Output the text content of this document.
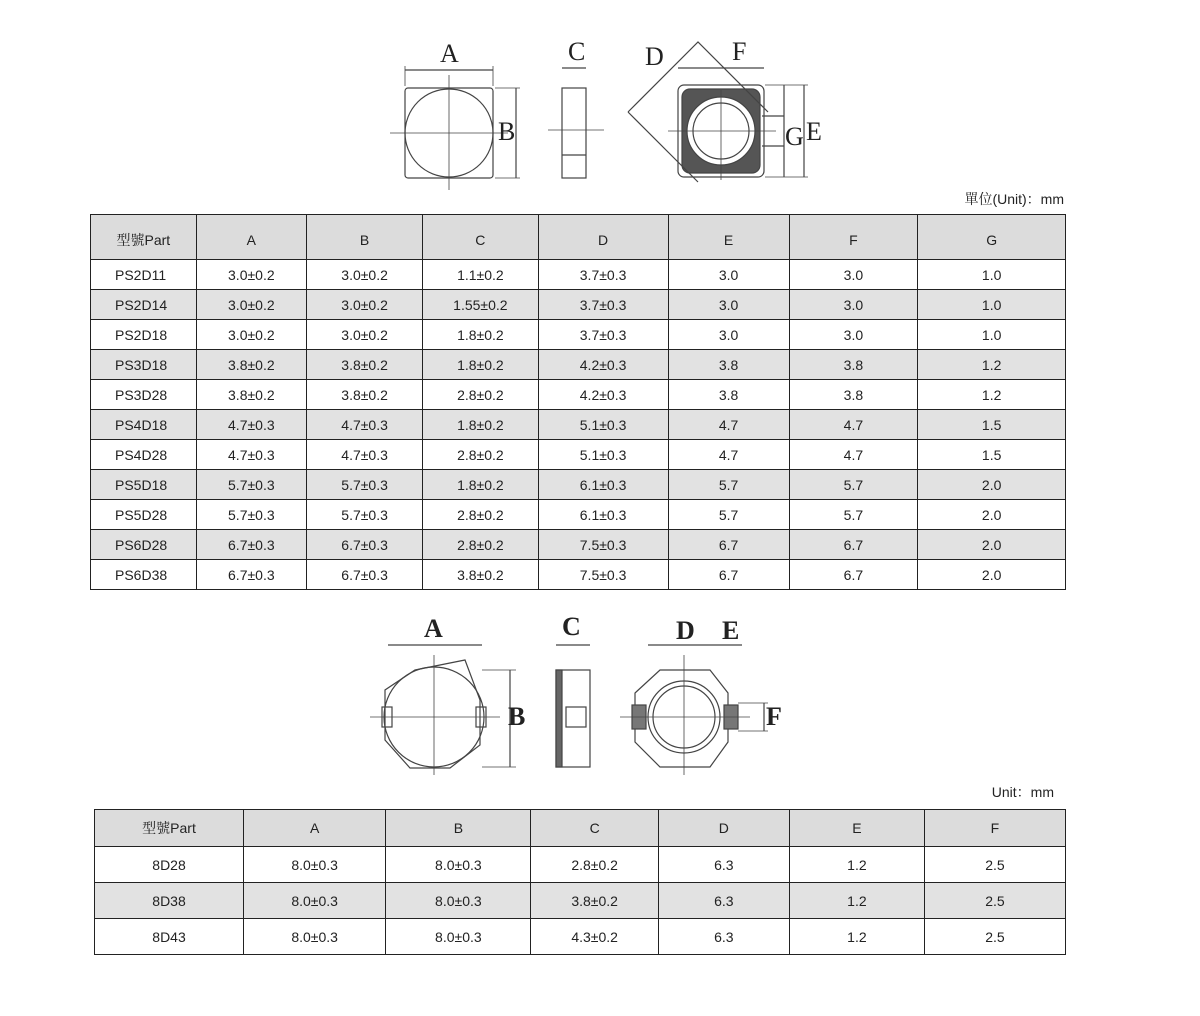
A
B
C D
E
F
G
單位(Unit)：mm
型號Part	A	B	C	D	E	F	G
PS2D11	3.0±0.2	3.0±0.2	1.1±0.2	3.7±0.3	3.0	3.0	1.0
PS2D14	3.0±0.2	3.0±0.2	1.55±0.2	3.7±0.3	3.0	3.0	1.0
PS2D18	3.0±0.2	3.0±0.2	1.8±0.2	3.7±0.3	3.0	3.0	1.0
PS3D18	3.8±0.2	3.8±0.2	1.8±0.2	4.2±0.3	3.8	3.8	1.2
PS3D28	3.8±0.2	3.8±0.2	2.8±0.2	4.2±0.3	3.8	3.8	1.2
PS4D18	4.7±0.3	4.7±0.3	1.8±0.2	5.1±0.3	4.7	4.7	1.5
PS4D28	4.7±0.3	4.7±0.3	2.8±0.2	5.1±0.3	4.7	4.7	1.5
PS5D18	5.7±0.3	5.7±0.3	1.8±0.2	6.1±0.3	5.7	5.7	2.0
PS5D28	5.7±0.3	5.7±0.3	2.8±0.2	6.1±0.3	5.7	5.7	2.0
PS6D28	6.7±0.3	6.7±0.3	2.8±0.2	7.5±0.3	6.7	6.7	2.0
PS6D38	6.7±0.3	6.7±0.3	3.8±0.2	7.5±0.3	6.7	6.7	2.0
A
B
C	D E
F
Unit：mm
型號Part	A	B	C	D	E	F
8D28	8.0±0.3	8.0±0.3	2.8±0.2	6.3	1.2	2.5
8D38	8.0±0.3	8.0±0.3	3.8±0.2	6.3	1.2	2.5
8D43	8.0±0.3	8.0±0.3	4.3±0.2	6.3	1.2	2.5
